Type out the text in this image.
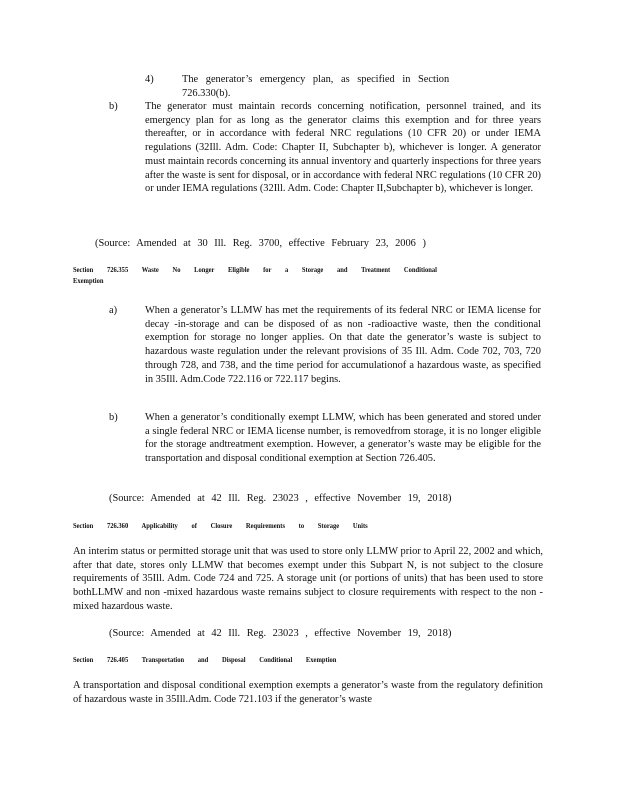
4)	The generator’s emergency plan, as specified in Section 726.330(b).
b)	The generator must maintain records concerning notification, personnel trained, and its emergency plan for as long as the generator claims this exemption and for three years thereafter, or in accordance with federal NRC regulations (10 CFR 20) or under IEMA regulations (32Ill. Adm. Code: Chapter II, Subchapter b), whichever is longer. A generator must maintain records concerning its annual inventory and quarterly inspections for three years after the waste is sent for disposal, or in accordance with federal NRC regulations (10 CFR 20) or under IEMA regulations (32Ill. Adm. Code: Chapter II,Subchapter b), whichever is longer.
(Source: Amended at 30 Ill. Reg. 3700, effective February 23, 2006 )
Section 726.355 Waste No Longer Eligible for a Storage and Treatment Conditional Exemption
a)	When a generator’s LLMW has met the requirements of its federal NRC or IEMA license for decay -in-storage and can be disposed of as non -radioactive waste, then the conditional exemption for storage no longer applies. On that date the generator’s waste is subject to hazardous waste regulation under the relevant provisions of 35 Ill. Adm. Code 702, 703, 720 through 728, and 738, and the time period for accumulationof a hazardous waste, as specified in 35Ill. Adm.Code 722.116 or 722.117 begins.
b)	When a generator’s conditionally exempt LLMW, which has been generated and stored under a single federal NRC or IEMA license number, is removedfrom storage, it is no longer eligible for the storage andtreatment exemption. However, a generator’s waste may be eligible for the transportation and disposal conditional exemption at Section 726.405.
(Source: Amended at 42 Ill. Reg. 23023 , effective November 19, 2018)
Section 726.360 Applicability of Closure Requirements to Storage Units
An interim status or permitted storage unit that was used to store only LLMW prior to April 22, 2002 and which, after that date, stores only LLMW that becomes exempt under this Subpart N, is not subject to the closure requirements of 35Ill. Adm. Code 724 and 725. A storage unit (or portions of units) that has been used to store bothLLMW and non -mixed hazardous waste remains subject to closure requirements with respect to the non -mixed hazardous waste.
(Source: Amended at 42 Ill. Reg. 23023 , effective November 19, 2018)
Section 726.405 Transportation and Disposal Conditional Exemption
A transportation and disposal conditional exemption exempts a generator’s waste from the regulatory definition of hazardous waste in 35Ill.Adm. Code 721.103 if the generator’s waste
